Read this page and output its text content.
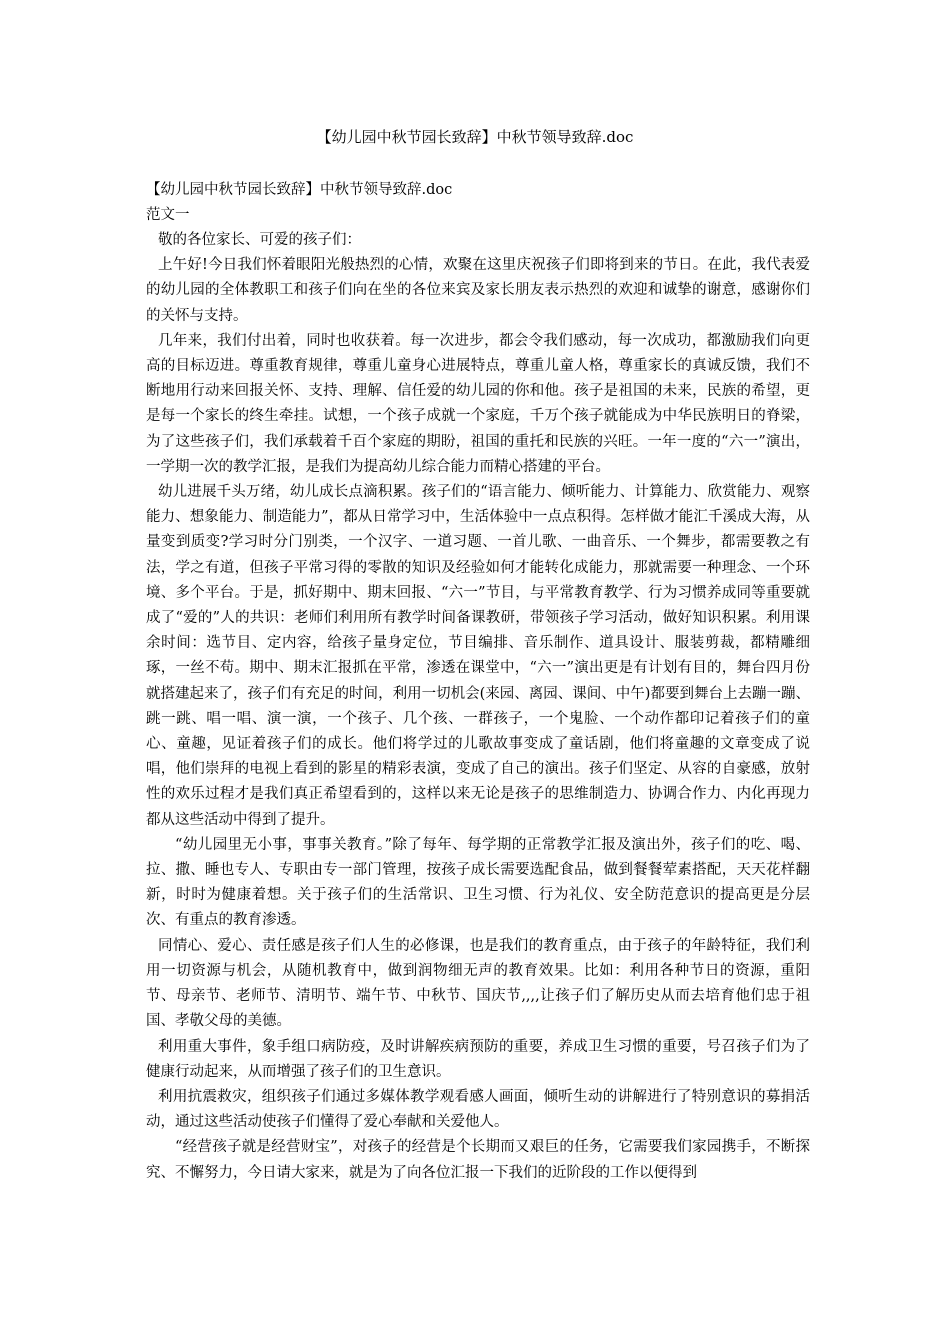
【幼儿园中秋节园长致辞】中秋节领导致辞.doc
【幼儿园中秋节园长致辞】中秋节领导致辞.doc
范文一

敬的各位家长、可爱的孩子们：

上午好!今日我们怀着眼阳光般热烈的心情，欢聚在这里庆祝孩子们即将到来的节日。在此，我代表爱的幼儿园的全体教职工和孩子们向在坐的各位来宾及家长朋友表示热烈的欢迎和诚挚的谢意，感谢你们的关怀与支持。

几年来，我们付出着，同时也收获着。每一次进步，都会令我们感动，每一次成功，都激励我们向更高的目标迈进。尊重教育规律，尊重儿童身心进展特点，尊重儿童人格，尊重家长的真诚反馈，我们不断地用行动来回报关怀、支持、理解、信任爱的幼儿园的你和他。孩子是祖国的未来，民族的希望，更是每一个家长的终生牵挂。试想，一个孩子成就一个家庭，千万个孩子就能成为中华民族明日的脊梁，为了这些孩子们，我们承载着千百个家庭的期盼，祖国的重托和民族的兴旺。一年一度的“六一”演出，一学期一次的教学汇报，是我们为提高幼儿综合能力而精心搭建的平台。

幼儿进展千头万绪，幼儿成长点滴积累。孩子们的“语言能力、倾听能力、计算能力、欣赏能力、观察能力、想象能力、制造能力”，都从日常学习中，生活体验中一点点积得。怎样做才能汇千溪成大海，从量变到质变?学习时分门别类，一个汉字、一道习题、一首儿歌、一曲音乐、一个舞步，都需要教之有法，学之有道，但孩子平常习得的零散的知识及经验如何才能转化成能力，那就需要一种理念、一个环境、多个平台。于是，抓好期中、期末回报、“六一”节目，与平常教育教学、行为习惯养成同等重要就成了“爱的”人的共识：老师们利用所有教学时间备课教研，带领孩子学习活动，做好知识积累。利用课余时间：选节目、定内容，给孩子量身定位，节目编排、音乐制作、道具设计、服装剪裁，都精雕细琢，一丝不苟。期中、期末汇报抓在平常，渗透在课堂中，“六一”演出更是有计划有目的，舞台四月份就搭建起来了，孩子们有充足的时间，利用一切机会(来园、离园、课间、中午)都要到舞台上去蹦一蹦、跳一跳、唱一唱、演一演，一个孩子、几个孩、一群孩子，一个鬼脸、一个动作都印记着孩子们的童心、童趣，见证着孩子们的成长。他们将学过的儿歌故事变成了童话剧，他们将童趣的文章变成了说唱，他们崇拜的电视上看到的影星的精彩表演，变成了自己的演出。孩子们坚定、从容的自豪感，放射性的欢乐过程才是我们真正希望看到的，这样以来无论是孩子的思维制造力、协调合作力、内化再现力都从这些活动中得到了提升。

“幼儿园里无小事，事事关教育。”除了每年、每学期的正常教学汇报及演出外，孩子们的吃、喝、拉、撒、睡也专人、专职由专一部门管理，按孩子成长需要选配食品，做到餐餐荤素搭配，天天花样翻新，时时为健康着想。关于孩子们的生活常识、卫生习惯、行为礼仪、安全防范意识的提高更是分层次、有重点的教育渗透。

同情心、爱心、责任感是孩子们人生的必修课，也是我们的教育重点，由于孩子的年龄特征，我们利用一切资源与机会，从随机教育中，做到润物细无声的教育效果。比如：利用各种节日的资源，重阳节、母亲节、老师节、清明节、端午节、中秋节、国庆节,,,,让孩子们了解历史从而去培育他们忠于祖国、孝敬父母的美德。

利用重大事件，象手组口病防疫，及时讲解疾病预防的重要，养成卫生习惯的重要，号召孩子们为了健康行动起来，从而增强了孩子们的卫生意识。

利用抗震救灾，组织孩子们通过多媒体教学观看感人画面，倾听生动的讲解进行了特别意识的募捐活动，通过这些活动使孩子们懂得了爱心奉献和关爱他人。

“经营孩子就是经营财宝”，对孩子的经营是个长期而又艰巨的任务，它需要我们家园携手，不断探究、不懈努力，今日请大家来，就是为了向各位汇报一下我们的近阶段的工作以便得到
